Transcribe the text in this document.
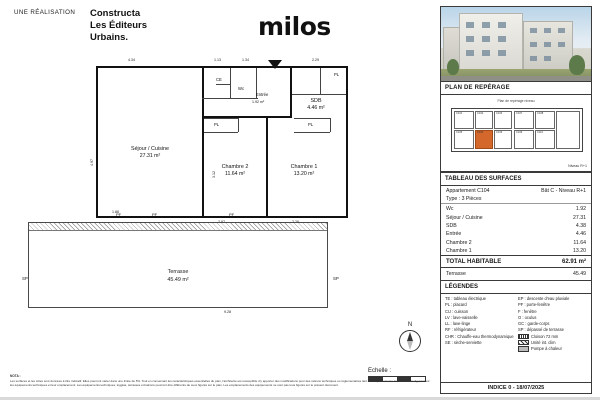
UNE RÉALISATION Constructa
Les Éditeurs
Urbains.	milos
Séjour / Cuisine
27.31 m²
Chambre 2
11.64 m²
Chambre 1
13.20 m²
SDB
4.46 m²
Wc
Entrée
1.92 m²
CE
PL	PL
PL
4.34	1.13	1.34	2.29
4.97
3.12
1.88
PF	PF	PF
Terrasse
45.49 m²
SP	SP
9.28
PLAN DE REPÉRAGE
Plan de repérage niveau
C101	C102	C103
C104
C105	C106
C107	C108
C109	C110
Niveau R+1
TABLEAU DES SURFACES
Appartement C104	Bât C - Niveau R+1
Type : 3 Pièces
Wc	1.92
Séjour / Cuisine	27.31
SDB	4.38
Entrée	4.46
Chambre 2	11.64
Chambre 1	13.20
TOTAL HABITABLE	62.91 m²
Terrasse	45.49
LÉGENDES
TE : tableau électrique
PL : placard
CU : cuisson
LV : lave-vaisselle
LL : lave-linge
RF : réfrigérateur
CHR : Chauffe-eau thermodynamique
SE : sèche-serviette
EP : descente d'eau pluviale
PF : porte-fenêtre
F : fenêtre
O : oculus
GC : garde-corps
SP : dépassé de terrasse
Cloison 72 mm
Unité int. clim
Pompe à chaleur
INDICE 0 - 18/07/2025
N
Echelle :
NOTA :
Les surfaces et les côtes sont données à titre indicatif. Elles pourront varier dans une limite de 5%. Tout en conservant les caractéristiques essentielles du plan, l'architecte est susceptible d'y apporter des modifications pour des raisons techniques ou réglementaires tant en ce qui concerne les dimensions figurant sur les équipements techniques et leur emplacement. Les équipements techniques, loggias, terrasses et balcons pourront être différents de ceux figurés sur le plan. Les emplacements des équipements ne sont pas tous figurés sur le présent document.
